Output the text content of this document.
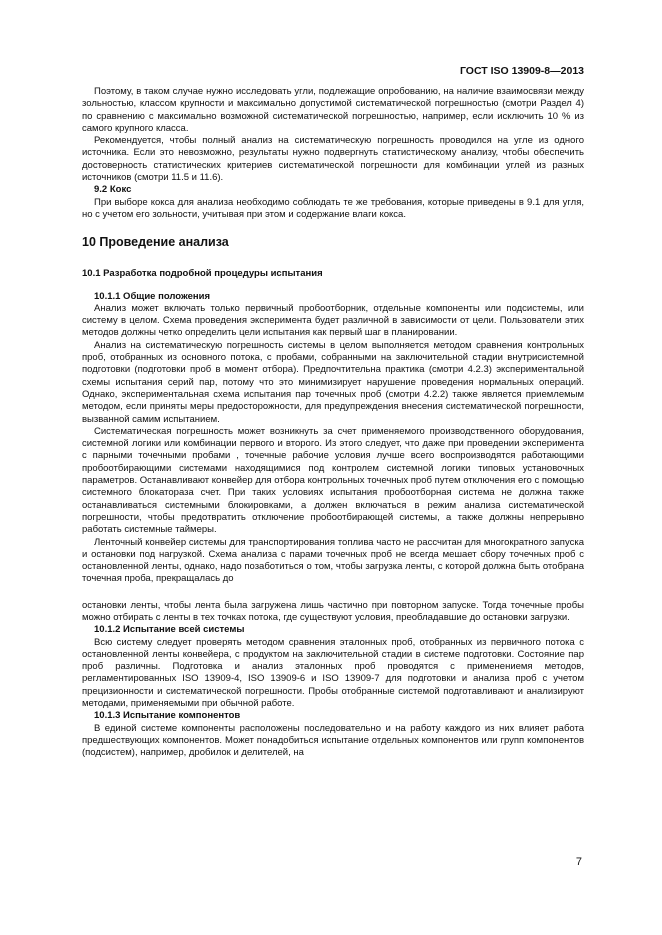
ГОСТ ISO 13909-8—2013

Поэтому, в таком случае нужно исследовать угли, подлежащие опробованию, на наличие взаимосвязи между зольностью, классом крупности и максимально допустимой систематической погрешностью (смотри Раздел 4) по сравнению с максимально возможной систематической погрешностью, например, если исключить 10 % из самого крупного класса.

Рекомендуется, чтобы полный анализ на систематическую погрешность проводился на угле из одного источника. Если это невозможно, результаты нужно подвергнуть статистическому анализу, чтобы обеспечить достоверность статистических критериев систематической погрешности для комбинации углей из разных источников (смотри 11.5 и 11.6).

9.2 Кокс

При выборе кокса для анализа необходимо соблюдать те же требования, которые приведены в 9.1 для угля, но с учетом его зольности, учитывая при этом и содержание влаги кокса.

10 Проведение анализа
10.1 Разработка подробной процедуры испытания
10.1.1 Общие положения

Анализ может включать только первичный пробоотборник, отдельные компоненты или подсистемы, или систему в целом. Схема проведения эксперимента будет различной в зависимости от цели. Пользователи этих методов должны четко определить цели испытания как первый шаг в планировании.

Анализ на систематическую погрешность системы в целом выполняется методом сравнения контрольных проб, отобранных из основного потока, с пробами, собранными на заключительной стадии внутрисистемной подготовки (подготовки проб в момент отбора). Предпочтительна практика (смотри 4.2.3) экспериментальной схемы испытания серий пар, потому что это минимизирует нарушение проведения нормальных операций. Однако, экспериментальная схема испытания пар точечных проб (смотри 4.2.2) также является приемлемым методом, если приняты меры предосторожности, для предупреждения внесения систематической погрешности, вызванной самим испытанием.

Систематическая погрешность может возникнуть за счет применяемого производственного оборудования, системной логики или комбинации первого и второго. Из этого следует, что даже при проведении эксперимента с парными точечными пробами , точечные рабочие условия лучше всего воспроизводятся работающими пробоотбирающими системами находящимися под контролем системной логики типовых установочных параметров. Останавливают конвейер для отбора контрольных точечных проб путем отключения его с помощью системного блокатораза счет. При таких условиях испытания пробоотборная система не должна также останавливаться системными блокировками, а должен включаться в режим анализа систематической погрешности, чтобы предотвратить отключение пробоотбирающей системы, а также должны непрерывно работать системные таймеры.

Ленточный конвейер системы для транспортирования топлива часто не рассчитан для многократного запуска и остановки под нагрузкой. Схема анализа с парами точечных проб не всегда мешает сбору точечных проб с остановленной ленты, однако, надо позаботиться о том, чтобы загрузка ленты, с которой должна быть отобрана точечная проба, прекращалась до

остановки ленты, чтобы лента была загружена лишь частично при повторном запуске. Тогда точечные пробы можно отбирать с ленты в тех точках потока, где существуют условия, преобладавшие до остановки загрузки.

10.1.2 Испытание всей системы

Всю систему следует проверять методом сравнения эталонных проб, отобранных из первичного потока с остановленной ленты конвейера, с продуктом на заключительной стадии в системе подготовки. Состояние пар проб различны. Подготовка и анализ эталонных проб проводятся с применениемя методов, регламентированных ISO 13909-4, ISO 13909-6 и ISO 13909-7 для подготовки и анализа проб с учетом прецизионности и систематической погрешности. Пробы отобранные системой подготавливают и анализируют методами, применяемыми при обычной работе.

10.1.3 Испытание компонентов

В единой системе компоненты расположены последовательно и на работу каждого из них влияет работа предшествующих компонентов. Может понадобиться испытание отдельных компонентов или групп компонентов (подсистем), например, дробилок и делителей, на

7
